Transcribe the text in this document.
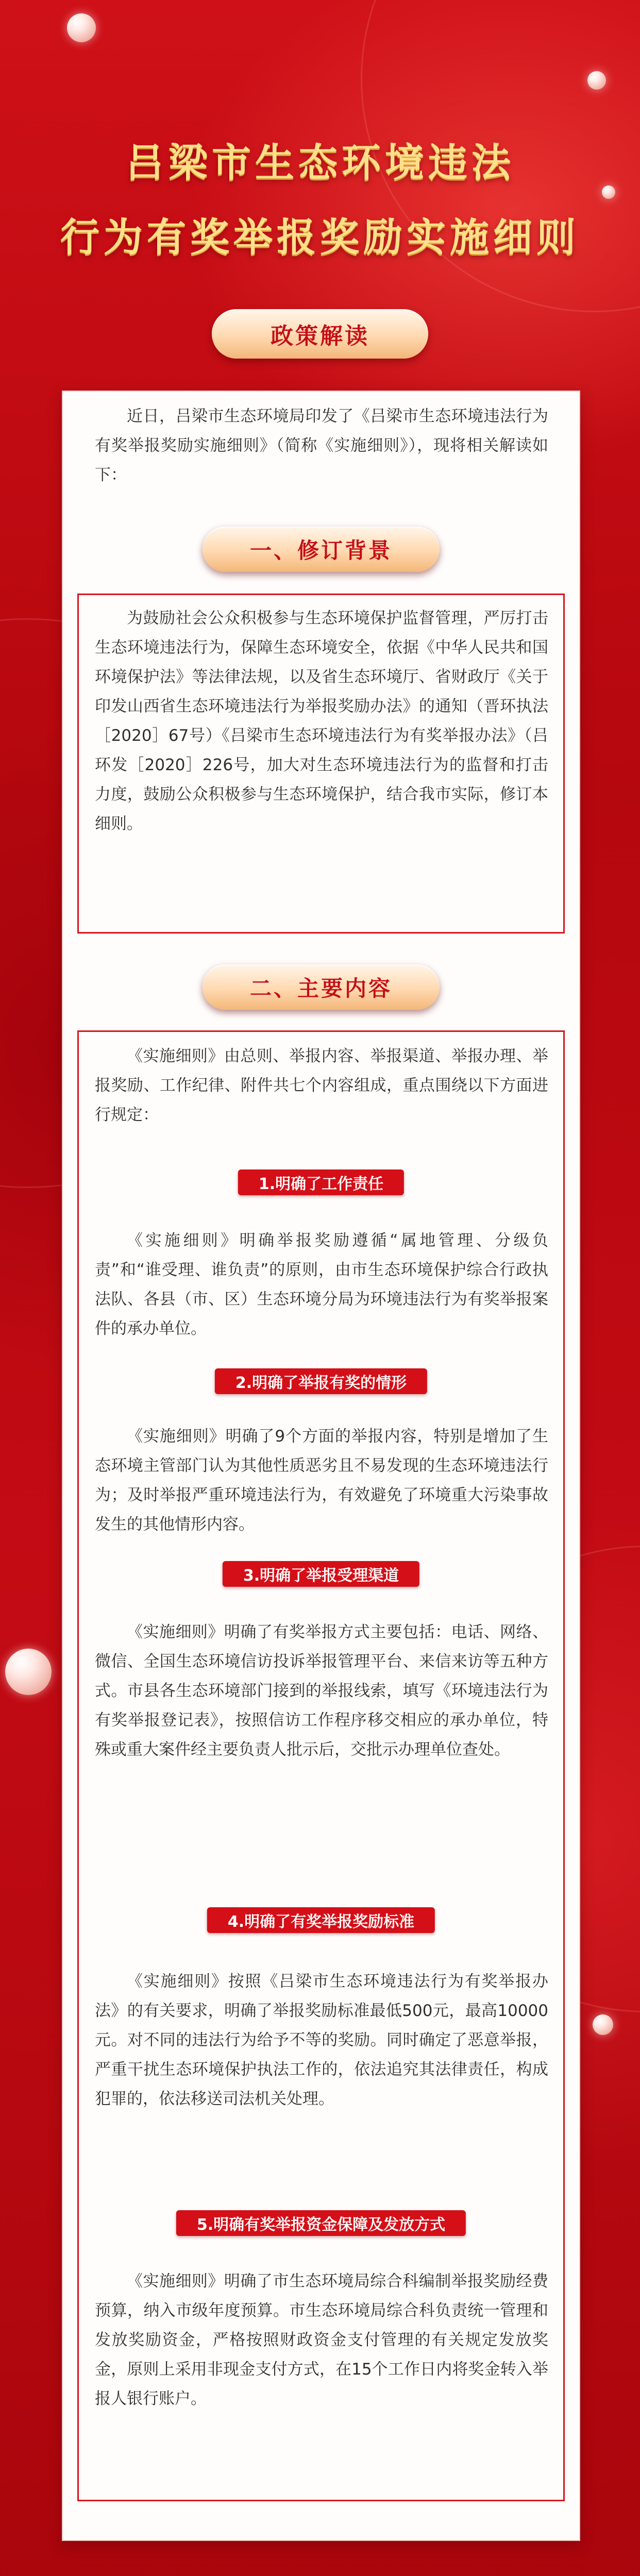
吕梁市生态环境违法
行为有奖举报奖励实施细则
政策解读

近日，吕梁市生态环境局印发了《吕梁市生态环境违法行为有奖举报奖励实施细则》（简称《实施细则》），现将相关解读如下：

一、修订背景

为鼓励社会公众积极参与生态环境保护监督管理，严厉打击生态环境违法行为，保障生态环境安全，依据《中华人民共和国环境保护法》等法律法规，以及省生态环境厅、省财政厅《关于印发山西省生态环境违法行为举报奖励办法》的通知（晋环执法［2020］67号）《吕梁市生态环境违法行为有奖举报办法》（吕环发［2020］226号，加大对生态环境违法行为的监督和打击力度，鼓励公众积极参与生态环境保护，结合我市实际，修订本细则。

二、主要内容

《实施细则》由总则、举报内容、举报渠道、举报办理、举报奖励、工作纪律、附件共七个内容组成，重点围绕以下方面进行规定：

1.明确了工作责任

《实施细则》明确举报奖励遵循“属地管理、分级负责”和“谁受理、谁负责”的原则，由市生态环境保护综合行政执法队、各县（市、区）生态环境分局为环境违法行为有奖举报案件的承办单位。

2.明确了举报有奖的情形

《实施细则》明确了9个方面的举报内容，特别是增加了生态环境主管部门认为其他性质恶劣且不易发现的生态环境违法行为；及时举报严重环境违法行为，有效避免了环境重大污染事故发生的其他情形内容。

3.明确了举报受理渠道

《实施细则》明确了有奖举报方式主要包括：电话、网络、微信、全国生态环境信访投诉举报管理平台、来信来访等五种方式。市县各生态环境部门接到的举报线索，填写《环境违法行为有奖举报登记表》，按照信访工作程序移交相应的承办单位，特殊或重大案件经主要负责人批示后，交批示办理单位查处。

4.明确了有奖举报奖励标准

《实施细则》按照《吕梁市生态环境违法行为有奖举报办法》的有关要求，明确了举报奖励标准最低500元，最高10000元。对不同的违法行为给予不等的奖励。同时确定了恶意举报，严重干扰生态环境保护执法工作的，依法追究其法律责任，构成犯罪的，依法移送司法机关处理。

5.明确有奖举报资金保障及发放方式

《实施细则》明确了市生态环境局综合科编制举报奖励经费预算，纳入市级年度预算。市生态环境局综合科负责统一管理和发放奖励资金，严格按照财政资金支付管理的有关规定发放奖金，原则上采用非现金支付方式，在15个工作日内将奖金转入举报人银行账户。
